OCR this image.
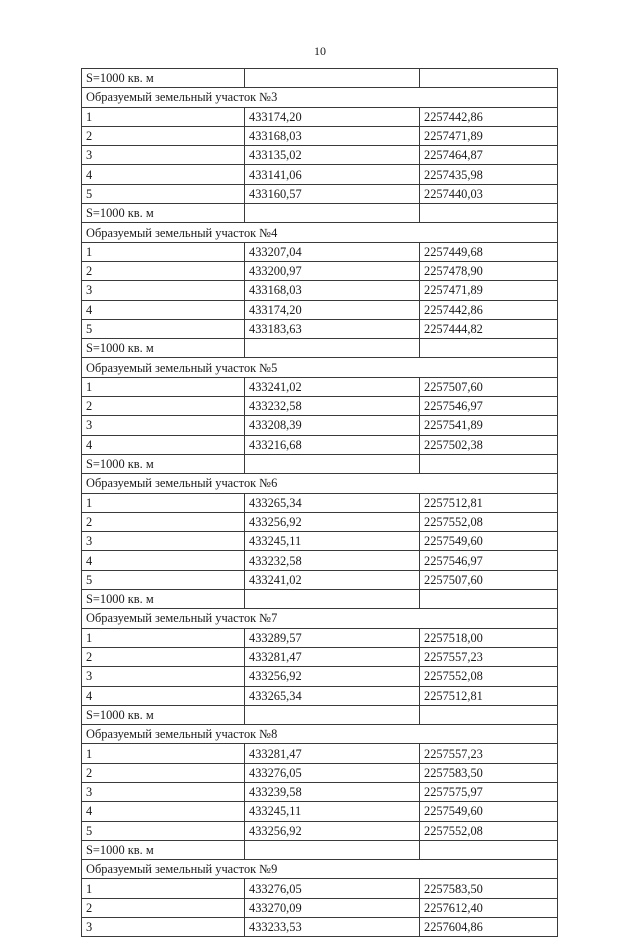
10
S=1000 кв. м		
Образуемый земельный участок №3		
1	433174,20	2257442,86
2	433168,03	2257471,89
3	433135,02	2257464,87
4	433141,06	2257435,98
5	433160,57	2257440,03
S=1000 кв. м		
Образуемый земельный участок №4		
1	433207,04	2257449,68
2	433200,97	2257478,90
3	433168,03	2257471,89
4	433174,20	2257442,86
5	433183,63	2257444,82
S=1000 кв. м		
Образуемый земельный участок №5		
1	433241,02	2257507,60
2	433232,58	2257546,97
3	433208,39	2257541,89
4	433216,68	2257502,38
S=1000 кв. м		
Образуемый земельный участок №6		
1	433265,34	2257512,81
2	433256,92	2257552,08
3	433245,11	2257549,60
4	433232,58	2257546,97
5	433241,02	2257507,60
S=1000 кв. м		
Образуемый земельный участок №7		
1	433289,57	2257518,00
2	433281,47	2257557,23
3	433256,92	2257552,08
4	433265,34	2257512,81
S=1000 кв. м		
Образуемый земельный участок №8		
1	433281,47	2257557,23
2	433276,05	2257583,50
3	433239,58	2257575,97
4	433245,11	2257549,60
5	433256,92	2257552,08
S=1000 кв. м		
Образуемый земельный участок №9		
1	433276,05	2257583,50
2	433270,09	2257612,40
3	433233,53	2257604,86
